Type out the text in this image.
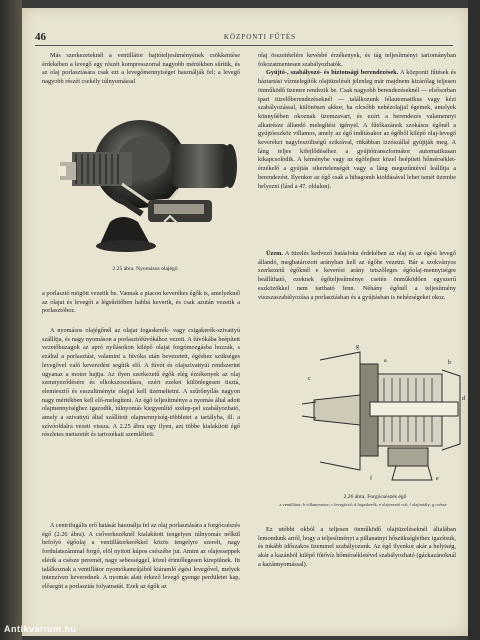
46	KÖZPONTI FŰTÉS

Más szerkezeteknél a ventillátor hajtóteljesítményének csökkentése érdekében a levegő egy részét kompresszorral nagyobb mértékben sűrítik, és az olaj porlasztására csak ezt a levegőmennyiséget használják fel; a levegő nagyobb részét csekély túlnyomással

2.25 ábra. Nyomásos olajégő

a porlasztó mögött vezetik be. Vannak a piacon keverékes égők is, amelyeknél az olajat és levegőt a légsűrítőben habbá keverik, és csak azután vezetik a porlasztóhoz.

A nyomásos olajégőnél az olajat fogaskerék- vagy csigakerék-szivattyú szállítja, és nagy nyomáson a porlasztófúvókához vezeti. A fúvókába beépített vezetőhuzagok az apró nyílásokon kilépő olajat forgómozgásba hozzák, s ezáltal a porlasztást, valamint a fúvóka után bevezetett, égéshez szükséges levegővel való keveredést segítik elő. A fúvót és olajszivattyút rendszerint ugyanaz a motor hajtja. Az ilyen szerkezetű égők elég érzékenyek az olaj szennyeződésére és elkokszosodásra, ezért ezeket különlegesen tisztá, elemiesztő és esszultményte olajjal kell üzemeltetni. A szűrőnyílás nagyon nagy mértékben kell elő-melegíteni. Az égő teljesítménye a nyomás által adott olajmennyiséghez igazodik, túlnyomás kiegyenlítő szelep-pel szabályozható, amely a szivattyú által szállított olajmennyiség-többletet a tartályba, ill. a szívóoldalra vezeti vissza. A 2.25 ábra egy ilyen, azt többe kialakított égő részletes metszetét és tartozékait szemlélteti.

A centrifugális erő hatását használja fel az olaj porlasztására a forgócsészés égő (2.26 ábra). A csőverkezéknél kialakított tengelyen túlnyomás nélkül befolyó égőolaj a ventillátorkerékkel közös tengelyre szerelt, nagy fordulatszámmal forgó, elöl nyitott kúpos csészébe jut. Amint az olajesseppek elérik a csésze peremét, nagy sebességgel, közel érintőlegesen kirepülnek. Itt találkoznak a ventillátor nyomókamrájából kiáramló égési levegővel, melyek intenzíven keverednek. A nyomás alatt érkező levegő gyenge perdületet kap, elősegíti a porlasztás folyamatát. Ezek az égők az

olaj összetételére kevésbé érzékenyek, és tág teljesítményi tartományban fokozatmentesen szabályozhatók.

Gyújtó-, szabályozó- és biztonsági berendezések. A központi fűtések és háztartási vízmelegítők olajtüzelését jelenleg már majdnem kizárólag teljesen önműködő üzemre rendezik be. Csak nagyobb berendezéseknél — elsősorban ipari tüzelőberendezéseknél — találkozunk félautomatikus vagy kézi szabályozással, különösen akkor, ha olcsóbb nehézolajjal égetnek, amelyek könnyűében okoznak üzemzavart, és ezért a berendezés valamennyi alkatrésze állandó melegítést igényel. A fűtőkazánok szokásos égőnél a gyújtóeszköz villamos, amely az égő indításakor az égőből kilépő olaj-levegő keveréket nagyfeszültségű szikrával, ritkábban izzószállal gyújtják meg. A láng teljes kifejlődéséhez a gyújtótranszformátor automatikusan kikapcsolódik. A kéményhe vagy az égőfejhez közel beépített hőmérséklet-érzékelő a gyújtás sikertelenségét vagy a láng megszűntével leállítja a berendezést. Ilyenkor az égő csak a hibagomb kioldásával lehet ismét üzembe helyezni (lásd a 47. oldalon).

Üzem. A tüzelés kedvező hatásfoka érdekében az olaj és az égési levegő állandó, meghatározott arányban kell az égőbe vezetni. Bár a szokványos szerkezetű égőknél e keverési arány tetszőleges égőolaj-mennyiségre beállítható, ezeknek égőteljesítménye csetén önműködően egyszerű eszközökkel nem tartható fenn. Néhány égőnél a teljesítmény viszszaszabályozása a porlasztásban és a gyújtásban is nehézségeket okoz.

c
g
a	b
d
e
f
2.26 ábra. Forgócsészés égő
a ventillátor; b villanymotor; c levegőcső; d fogaskerék; e olajvezető cső; f olajtartály; g csésze

Ez utóbbi okból a teljesen önműködő olajtüzeléseknél általában lemondunk arról, hogy a teljesítményt a pillanatnyi hőszükséglethez igazítsuk, és inkább időszakos üzemmel szabályozunk. Az égő ilyenkor akár a helyiség, akár a kazánból kilépő fűtővíz hőmérsékletével szabályozható (gázkazánoknál a kazánnyomással).

Antikvarium.hu
